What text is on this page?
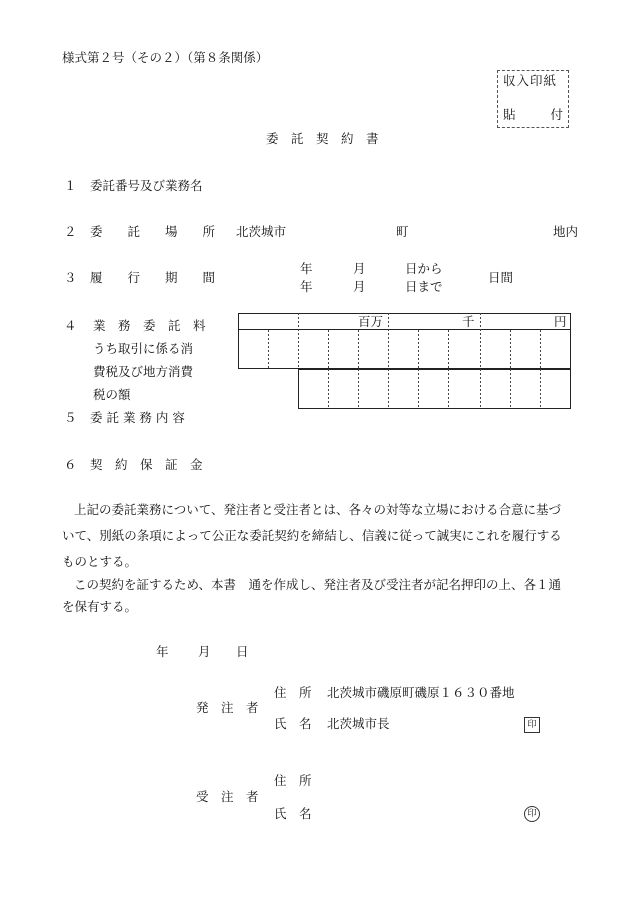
様式第２号（その２）（第８条関係）
収入印紙
貼	付
委　託　契　約　書
１ 委託番号及び業務名
２ 委　　託　　場　　所 北茨城市	町	地内
３ 履　　行　　期　　間
年	月	日から
年	月	日まで
日間
４ 業　務　委　託　料
うち取引に係る消
費税及び地方消費
税の額
百万	千	円
５ 委 託 業 務 内 容
６ 契　約　保　証　金

上記の委託業務について、発注者と受注者とは、各々の対等な立場における合意に基づ

いて、別紙の条項によって公正な委託契約を締結し、信義に従って誠実にこれを履行する

ものとする。

この契約を証するため、本書　通を作成し、発注者及び受注者が記名押印の上、各１通

を保有する。

年 月 日
発　注　者
住　所 北茨城市磯原町磯原１６３０番地
氏　名 北茨城市長	印
受　注　者
住　所
氏　名	印
